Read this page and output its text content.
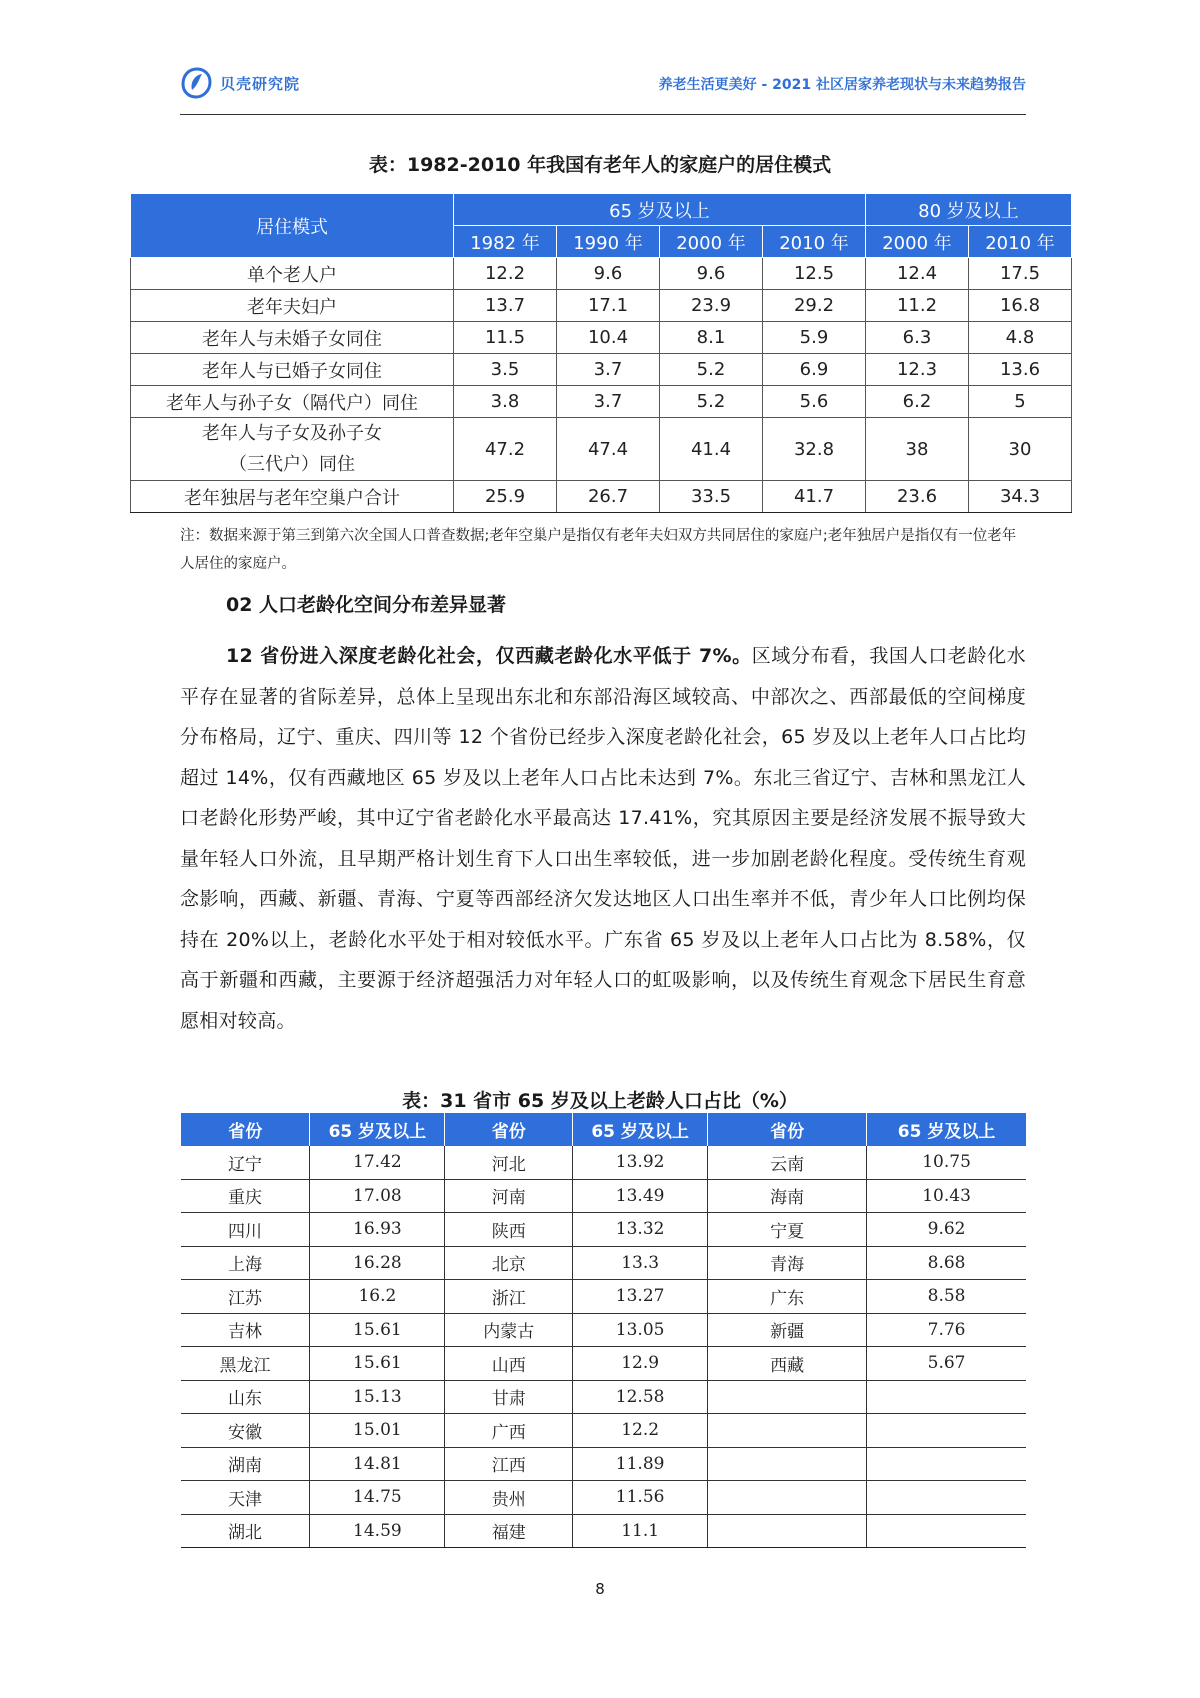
贝壳研究院	养老生活更美好 - 2021 社区居家养老现状与未来趋势报告
表：1982-2010 年我国有老年人的家庭户的居住模式
居住模式	65 岁及以上				80 岁及以上	
	1982 年	1990 年	2000 年	2010 年	2000 年	2010 年
单个老人户	12.2	9.6	9.6	12.5	12.4	17.5
老年夫妇户	13.7	17.1	23.9	29.2	11.2	16.8
老年人与未婚子女同住	11.5	10.4	8.1	5.9	6.3	4.8
老年人与已婚子女同住	3.5	3.7	5.2	6.9	12.3	13.6
老年人与孙子女（隔代户）同住	3.8	3.7	5.2	5.6	6.2	5
老年人与子女及孙子女（三代户）同住	47.2	47.4	41.4	32.8	38	30
老年独居与老年空巢户合计	25.9	26.7	33.5	41.7	23.6	34.3
注：数据来源于第三到第六次全国人口普查数据;老年空巢户是指仅有老年夫妇双方共同居住的家庭户;老年独居户是指仅有一位老年人居住的家庭户。
02 人口老龄化空间分布差异显著
12 省份进入深度老龄化社会，仅西藏老龄化水平低于 7%。区域分布看，我国人口老龄化水平存在显著的省际差异，总体上呈现出东北和东部沿海区域较高、中部次之、西部最低的空间梯度分布格局，辽宁、重庆、四川等 12 个省份已经步入深度老龄化社会，65 岁及以上老年人口占比均超过 14%，仅有西藏地区 65 岁及以上老年人口占比未达到 7%。东北三省辽宁、吉林和黑龙江人口老龄化形势严峻，其中辽宁省老龄化水平最高达 17.41%，究其原因主要是经济发展不振导致大量年轻人口外流，且早期严格计划生育下人口出生率较低，进一步加剧老龄化程度。受传统生育观念影响，西藏、新疆、青海、宁夏等西部经济欠发达地区人口出生率并不低，青少年人口比例均保持在 20%以上，老龄化水平处于相对较低水平。广东省 65 岁及以上老年人口占比为 8.58%，仅高于新疆和西藏，主要源于经济超强活力对年轻人口的虹吸影响，以及传统生育观念下居民生育意愿相对较高。
表：31 省市 65 岁及以上老龄人口占比（%）
省份	65 岁及以上	省份	65 岁及以上	省份	65 岁及以上
辽宁	17.42	河北	13.92	云南	10.75
重庆	17.08	河南	13.49	海南	10.43
四川	16.93	陕西	13.32	宁夏	9.62
上海	16.28	北京	13.3	青海	8.68
江苏	16.2	浙江	13.27	广东	8.58
吉林	15.61	内蒙古	13.05	新疆	7.76
黑龙江	15.61	山西	12.9	西藏	5.67
山东	15.13	甘肃	12.58		
安徽	15.01	广西	12.2		
湖南	14.81	江西	11.89		
天津	14.75	贵州	11.56		
湖北	14.59	福建	11.1		
8
